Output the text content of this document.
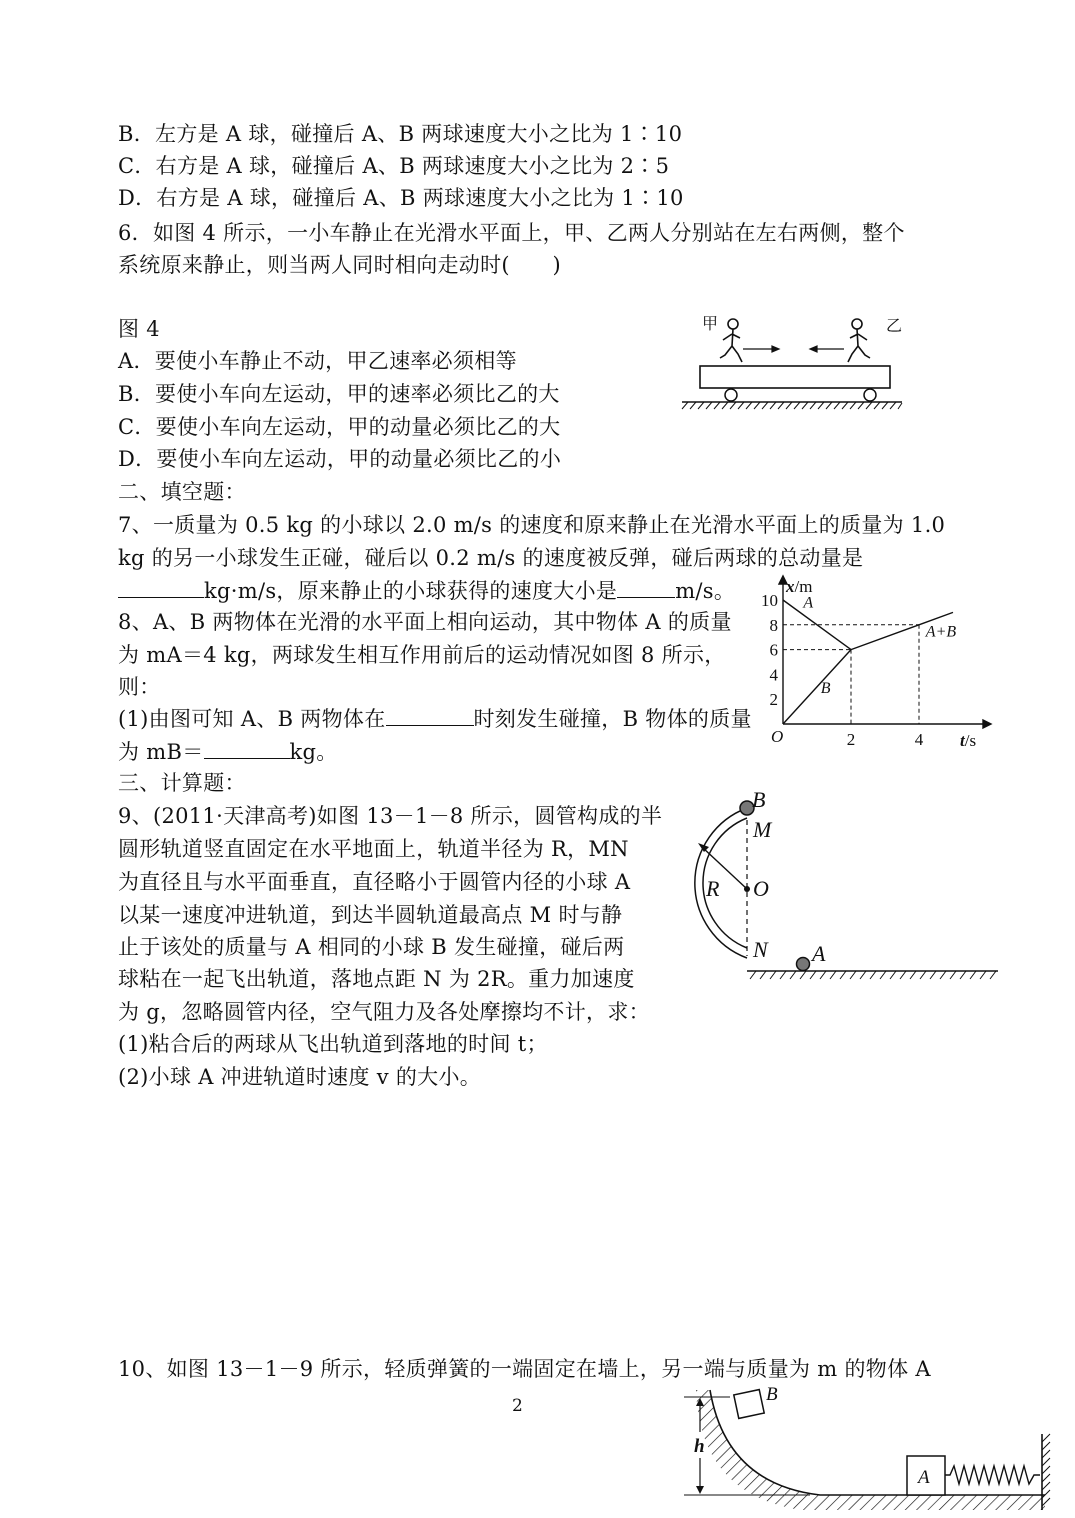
B．左方是 A 球，碰撞后 A、B 两球速度大小之比为 1∶10
C．右方是 A 球，碰撞后 A、B 两球速度大小之比为 2∶5
D．右方是 A 球，碰撞后 A、B 两球速度大小之比为 1∶10
6．如图 4 所示，一小车静止在光滑水平面上，甲、乙两人分别站在左右两侧，整个
系统原来静止，则当两人同时相向走动时(　　)
图 4
A．要使小车静止不动，甲乙速率必须相等
B．要使小车向左运动，甲的速率必须比乙的大
C．要使小车向左运动，甲的动量必须比乙的大
D．要使小车向左运动，甲的动量必须比乙的小
甲	乙
二、填空题：
7、一质量为 0.5 kg 的小球以 2.0 m/s 的速度和原来静止在光滑水平面上的质量为 1.0
kg 的另一小球发生正碰，碰后以 0.2 m/s 的速度被反弹，碰后两球的总动量是
kg·m/s，原来静止的小球获得的速度大小是	m/s。
8、A、B 两物体在光滑的水平面上相向运动，其中物体 A 的质量
为 mA＝4 kg，两球发生相互作用前后的运动情况如图 8 所示，
则：
(1)由图可知 A、B 两物体在	时刻发生碰撞，B 物体的质量
为 mB＝	kg。
2
4
6
8
10
2	4
x/m
t/s
O
A
B
A+B
三、计算题：
9、(2011·天津高考)如图 13－1－8 所示，圆管构成的半
圆形轨道竖直固定在水平地面上，轨道半径为 R，MN
为直径且与水平面垂直，直径略小于圆管内径的小球 A
以某一速度冲进轨道，到达半圆轨道最高点 M 时与静
止于该处的质量与 A 相同的小球 B 发生碰撞，碰后两
球粘在一起飞出轨道，落地点距 N 为 2R。重力加速度
为 g，忽略圆管内径，空气阻力及各处摩擦均不计，求：
(1)粘合后的两球从飞出轨道到落地的时间 t；
(2)小球 A 冲进轨道时速度 v 的大小。
B
M
R O
N A
10、如图 13－1－9 所示，轻质弹簧的一端固定在墙上，另一端与质量为 m 的物体 A
2
B
h
A
